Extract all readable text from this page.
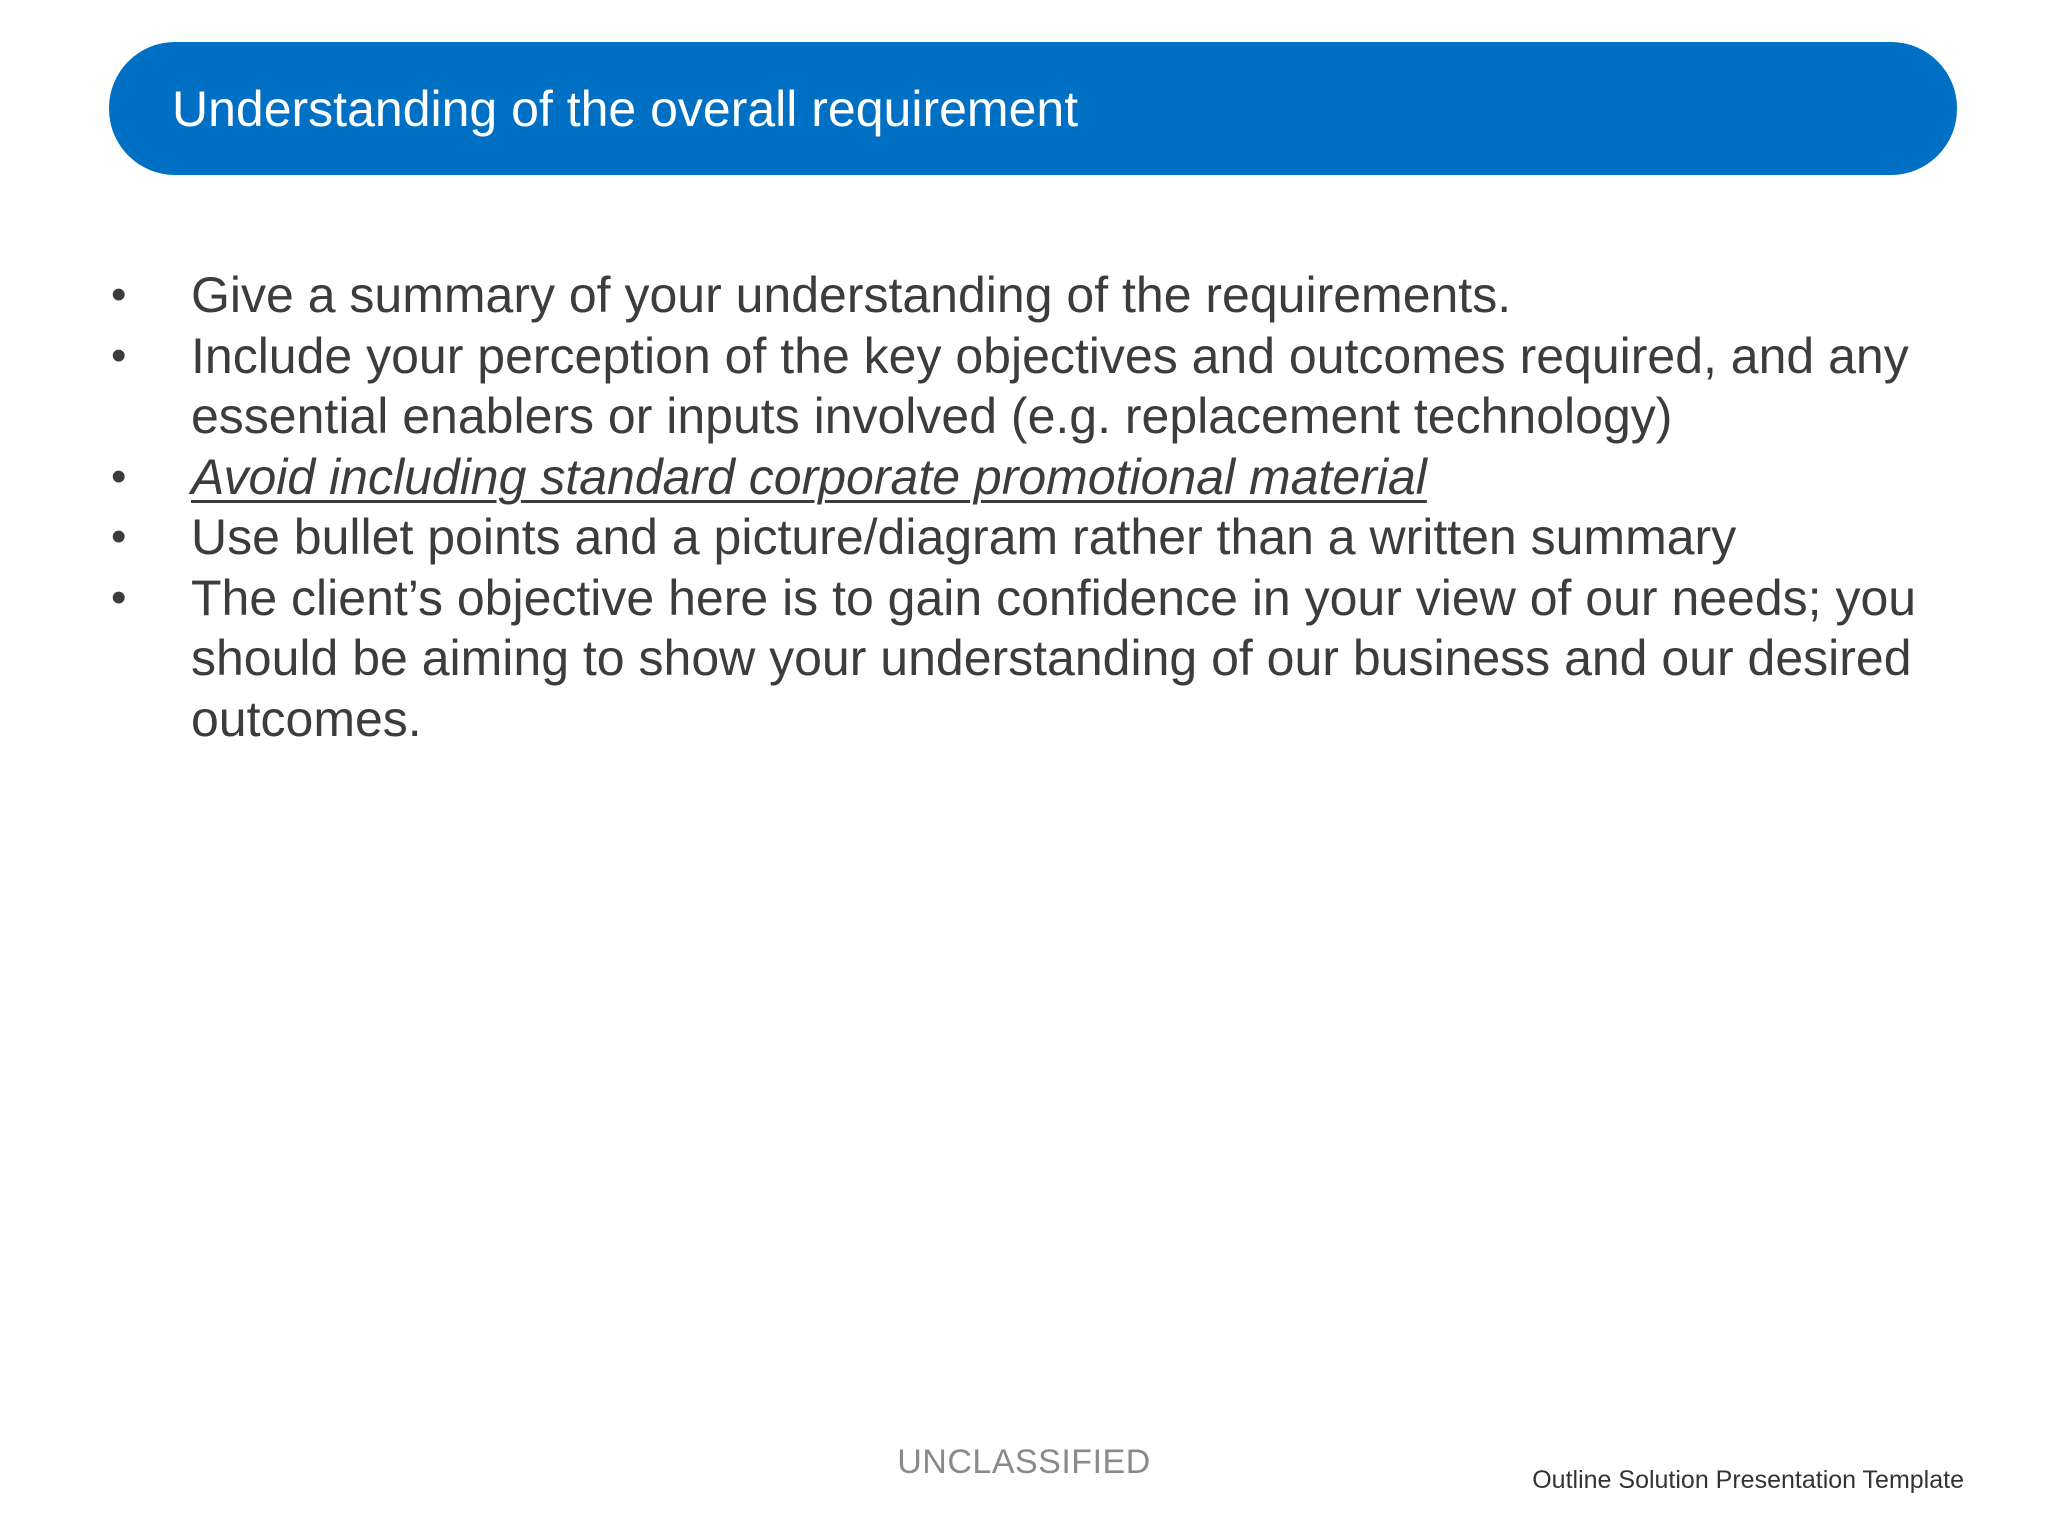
Understanding of the overall requirement
•	Give a summary of your understanding of the requirements.
•	Include your perception of the key objectives and outcomes required, and any essential enablers or inputs involved (e.g. replacement technology)
•	Avoid including standard corporate promotional material
•	Use bullet points and a picture/diagram rather than a written summary
•	The client’s objective here is to gain confidence in your view of our needs; you should be aiming to show your understanding of our business and our desired outcomes.
UNCLASSIFIED	Outline Solution Presentation Template
